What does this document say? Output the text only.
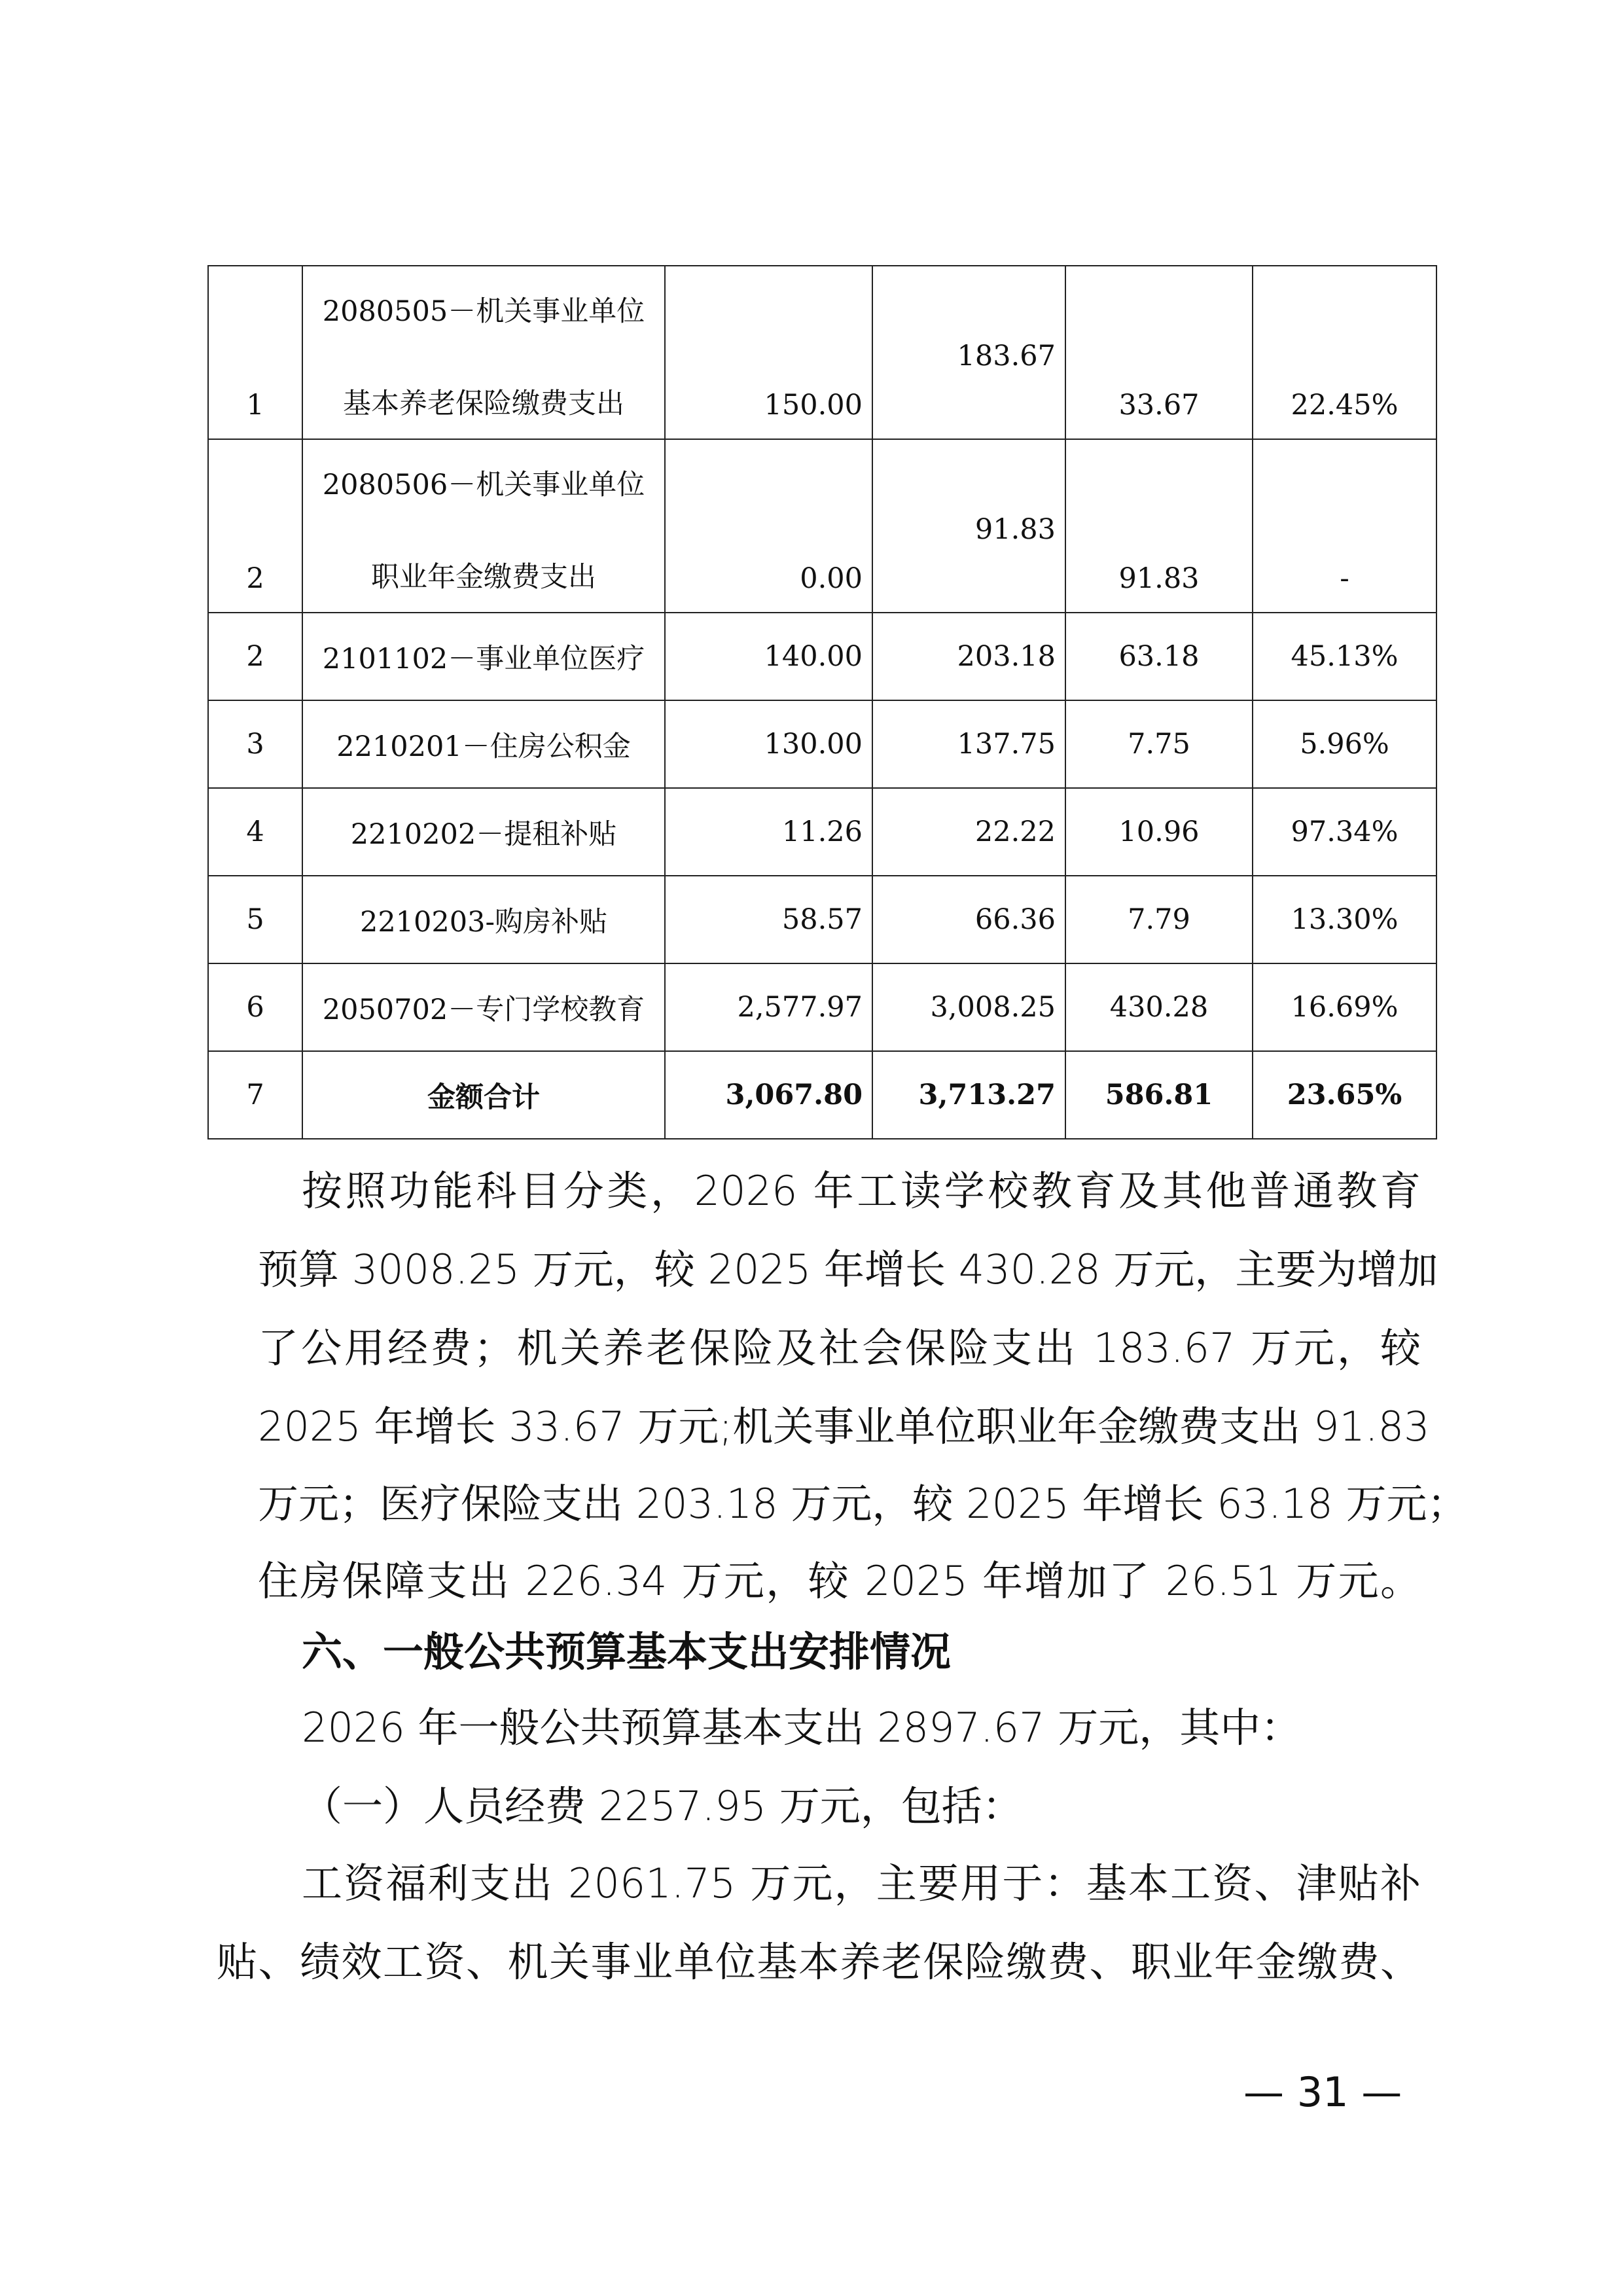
1	2080505－机关事业单位
基本养老保险缴费支出	150.00	183.67	33.67	22.45%
2	2080506－机关事业单位
职业年金缴费支出	0.00	91.83	91.83	-
2	2101102－事业单位医疗	140.00	203.18	63.18	45.13%
3	2210201－住房公积金	130.00	137.75	7.75	5.96%
4	2210202－提租补贴	11.26	22.22	10.96	97.34%
5	2210203-购房补贴	58.57	66.36	7.79	13.30%
6	2050702－专门学校教育	2,577.97	3,008.25	430.28	16.69%
7	金额合计	3,067.80	3,713.27	586.81	23.65%
按照功能科目分类，2026 年工读学校教育及其他普通教育
预算 3008.25 万元，较 2025 年增长 430.28 万元，主要为增加
了公用经费；机关养老保险及社会保险支出 183.67 万元，较
2025 年增长 33.67 万元;机关事业单位职业年金缴费支出 91.83
万元；医疗保险支出 203.18 万元，较 2025 年增长 63.18 万元；
住房保障支出 226.34 万元，较 2025 年增加了 26.51 万元。
六、一般公共预算基本支出安排情况
2026 年一般公共预算基本支出 2897.67 万元，其中：
（一）人员经费 2257.95 万元，包括：
工资福利支出 2061.75 万元，主要用于：基本工资、津贴补
贴、绩效工资、机关事业单位基本养老保险缴费、职业年金缴费、
— 31 —
